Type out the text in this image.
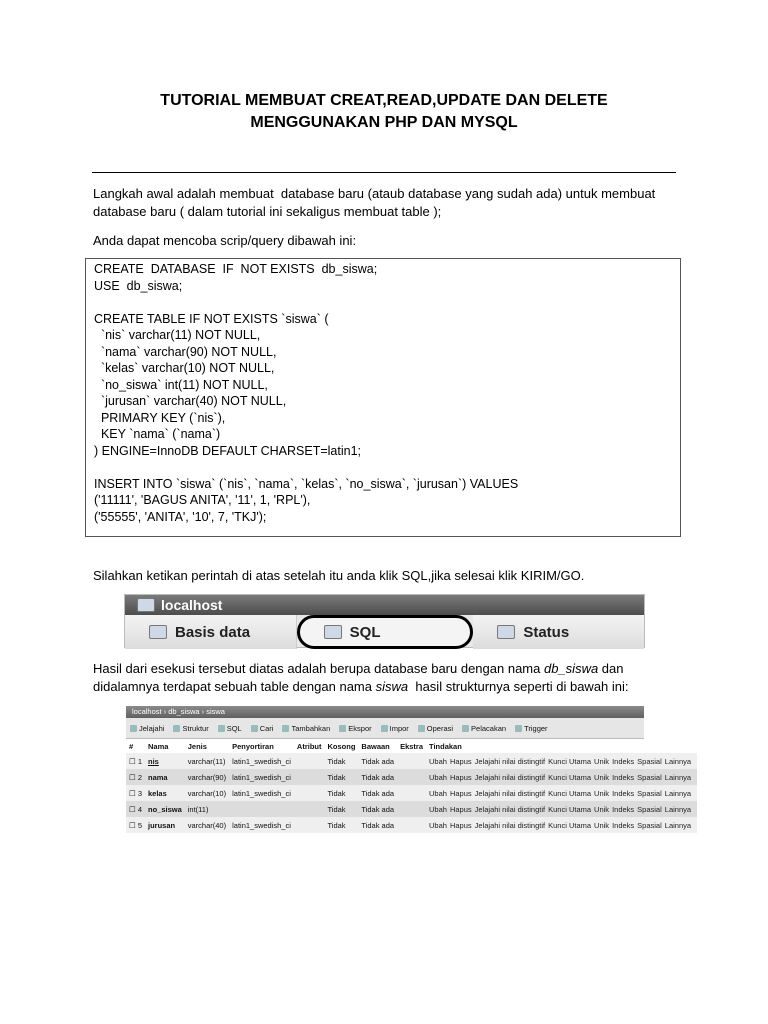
TUTORIAL MEMBUAT CREAT,READ,UPDATE DAN DELETE
MENGGUNAKAN PHP DAN MYSQL
Langkah awal adalah membuat  database baru (ataub database yang sudah ada) untuk membuat
database baru ( dalam tutorial ini sekaligus membuat table );
Anda dapat mencoba scrip/query dibawah ini:
CREATE  DATABASE  IF  NOT EXISTS  db_siswa;
USE  db_siswa;
CREATE TABLE IF NOT EXISTS `siswa` (
`nis` varchar(11) NOT NULL,
`nama` varchar(90) NOT NULL,
`kelas` varchar(10) NOT NULL,
`no_siswa` int(11) NOT NULL,
`jurusan` varchar(40) NOT NULL,
PRIMARY KEY (`nis`),
KEY `nama` (`nama`)
) ENGINE=InnoDB DEFAULT CHARSET=latin1;
INSERT INTO `siswa` (`nis`, `nama`, `kelas`, `no_siswa`, `jurusan`) VALUES
('11111', 'BAGUS ANITA', '11', 1, 'RPL'),
('55555', 'ANITA', '10', 7, 'TKJ');
Silahkan ketikan perintah di atas setelah itu anda klik SQL,jika selesai klik KIRIM/GO.
localhost
Basis data	SQL	Status
Hasil dari esekusi tersebut diatas adalah berupa database baru dengan nama db_siswa dan
didalamnya terdapat sebuah table dengan nama siswa  hasil strukturnya seperti di bawah ini:
localhost › db_siswa › siswa
Jelajahi	Struktur	SQL	Cari	Tambahkan	Ekspor	Impor	Operasi	Pelacakan	Trigger
#	Nama	Jenis	Penyortiran	Atribut	Kosong	Bawaan	Ekstra	Tindakan
☐ 1	nis	varchar(11)	latin1_swedish_ci		Tidak	Tidak ada		Ubah Hapus Jelajahi nilai distingtif Kunci Utama Unik Indeks Spasial Lainnya
☐ 2	nama	varchar(90)	latin1_swedish_ci		Tidak	Tidak ada		Ubah Hapus Jelajahi nilai distingtif Kunci Utama Unik Indeks Spasial Lainnya
☐ 3	kelas	varchar(10)	latin1_swedish_ci		Tidak	Tidak ada		Ubah Hapus Jelajahi nilai distingtif Kunci Utama Unik Indeks Spasial Lainnya
☐ 4	no_siswa	int(11)			Tidak	Tidak ada		Ubah Hapus Jelajahi nilai distingtif Kunci Utama Unik Indeks Spasial Lainnya
☐ 5	jurusan	varchar(40)	latin1_swedish_ci		Tidak	Tidak ada		Ubah Hapus Jelajahi nilai distingtif Kunci Utama Unik Indeks Spasial Lainnya
